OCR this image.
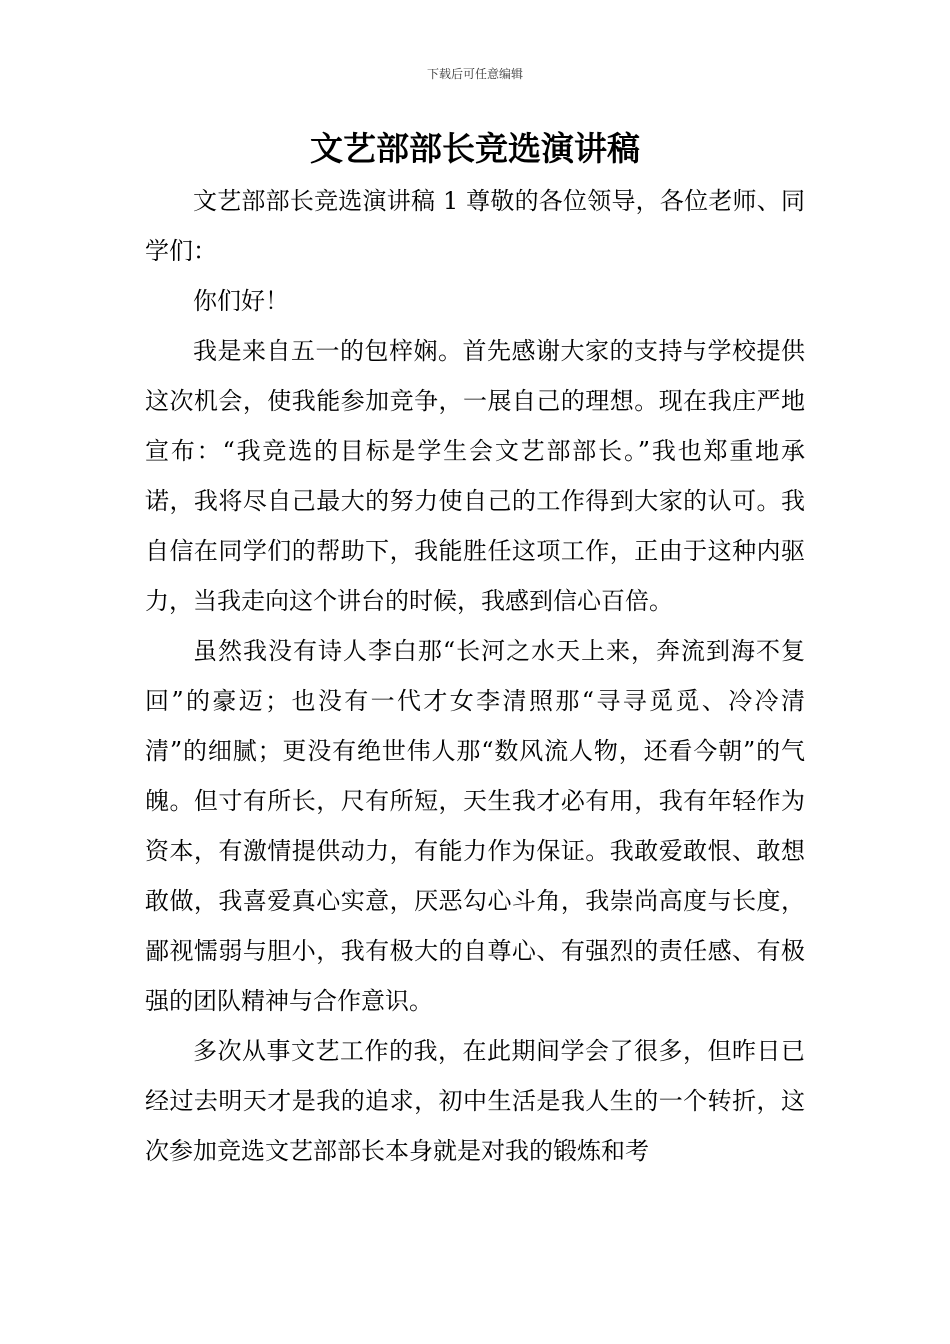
下载后可任意编辑
文艺部部长竞选演讲稿

文艺部部长竞选演讲稿 1 尊敬的各位领导，各位老师、同学们：

你们好！

我是来自五一的包梓娴。首先感谢大家的支持与学校提供这次机会，使我能参加竞争，一展自己的理想。现在我庄严地宣布：“我竞选的目标是学生会文艺部部长。”我也郑重地承诺，我将尽自己最大的努力使自己的工作得到大家的认可。我自信在同学们的帮助下，我能胜任这项工作，正由于这种内驱力，当我走向这个讲台的时候，我感到信心百倍。

虽然我没有诗人李白那“长河之水天上来，奔流到海不复回”的豪迈；也没有一代才女李清照那“寻寻觅觅、冷冷清清”的细腻；更没有绝世伟人那“数风流人物，还看今朝”的气魄。但寸有所长，尺有所短，天生我才必有用，我有年轻作为资本，有激情提供动力，有能力作为保证。我敢爱敢恨、敢想敢做，我喜爱真心实意，厌恶勾心斗角，我崇尚高度与长度，鄙视懦弱与胆小，我有极大的自尊心、有强烈的责任感、有极强的团队精神与合作意识。

多次从事文艺工作的我，在此期间学会了很多，但昨日已经过去明天才是我的追求，初中生活是我人生的一个转折，这次参加竞选文艺部部长本身就是对我的锻炼和考
